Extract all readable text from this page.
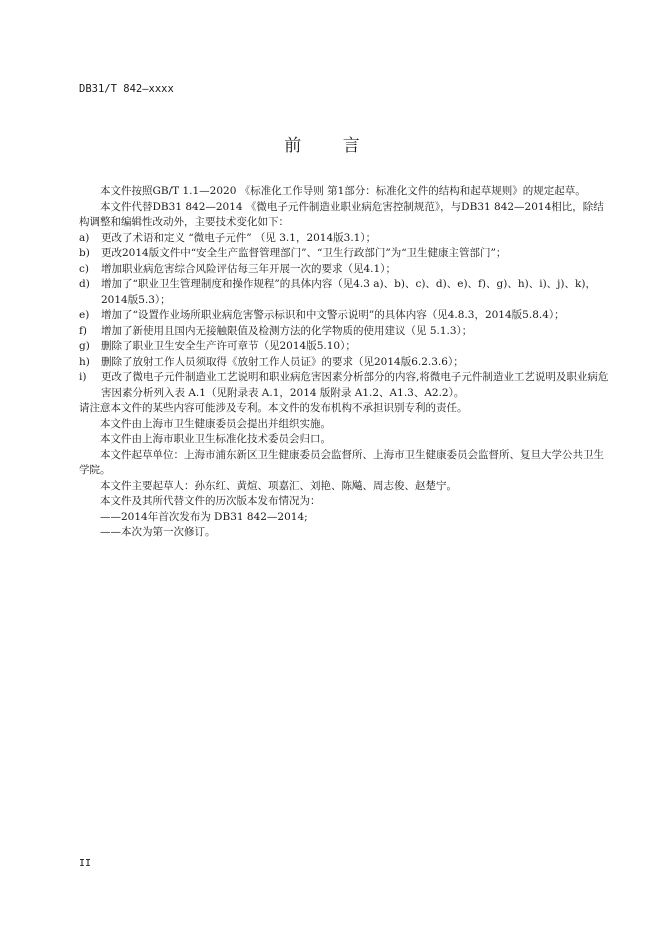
DB31/T 842—xxxx
前 言

本文件按照GB/T 1.1—2020 《标准化工作导则 第1部分：标准化文件的结构和起草规则》的规定起草。

本文件代替DB31 842—2014 《微电子元件制造业职业病危害控制规范》，与DB31 842—2014相比，除结构调整和编辑性改动外，主要技术变化如下：

a)	更改了术语和定义 “微电子元件” （见 3.1，2014版3.1）；
b)	更改2014版文件中“安全生产监督管理部门”、“卫生行政部门”为“卫生健康主管部门”；
c)	增加职业病危害综合风险评估每三年开展一次的要求（见4.1）；
d)	增加了“职业卫生管理制度和操作规程”的具体内容（见4.3 a)、b)、c)、d)、e)、f)、g)、h)、i)、j)、k)，2014版5.3）；
e)	增加了“设置作业场所职业病危害警示标识和中文警示说明”的具体内容（见4.8.3，2014版5.8.4）；
f)	增加了新使用且国内无接触限值及检测方法的化学物质的使用建议（见 5.1.3）；
g)	删除了职业卫生安全生产许可章节（见2014版5.10）；
h)	删除了放射工作人员须取得《放射工作人员证》的要求（见2014版6.2.3.6）；
i)	更改了微电子元件制造业工艺说明和职业病危害因素分析部分的内容,将微电子元件制造业工艺说明及职业病危害因素分析列入表 A.1（见附录表 A.1，2014 版附录 A1.2、A1.3、A2.2）。

请注意本文件的某些内容可能涉及专利。本文件的发布机构不承担识别专利的责任。

本文件由上海市卫生健康委员会提出并组织实施。

本文件由上海市职业卫生标准化技术委员会归口。

本文件起草单位：上海市浦东新区卫生健康委员会监督所、上海市卫生健康委员会监督所、复旦大学公共卫生学院。

本文件主要起草人：孙东红、黄煊、项嘉汇、刘艳、陈飚、周志俊、赵楚宁。

本文件及其所代替文件的历次版本发布情况为：

——2014年首次发布为 DB31 842—2014;

——本次为第一次修订。

II
